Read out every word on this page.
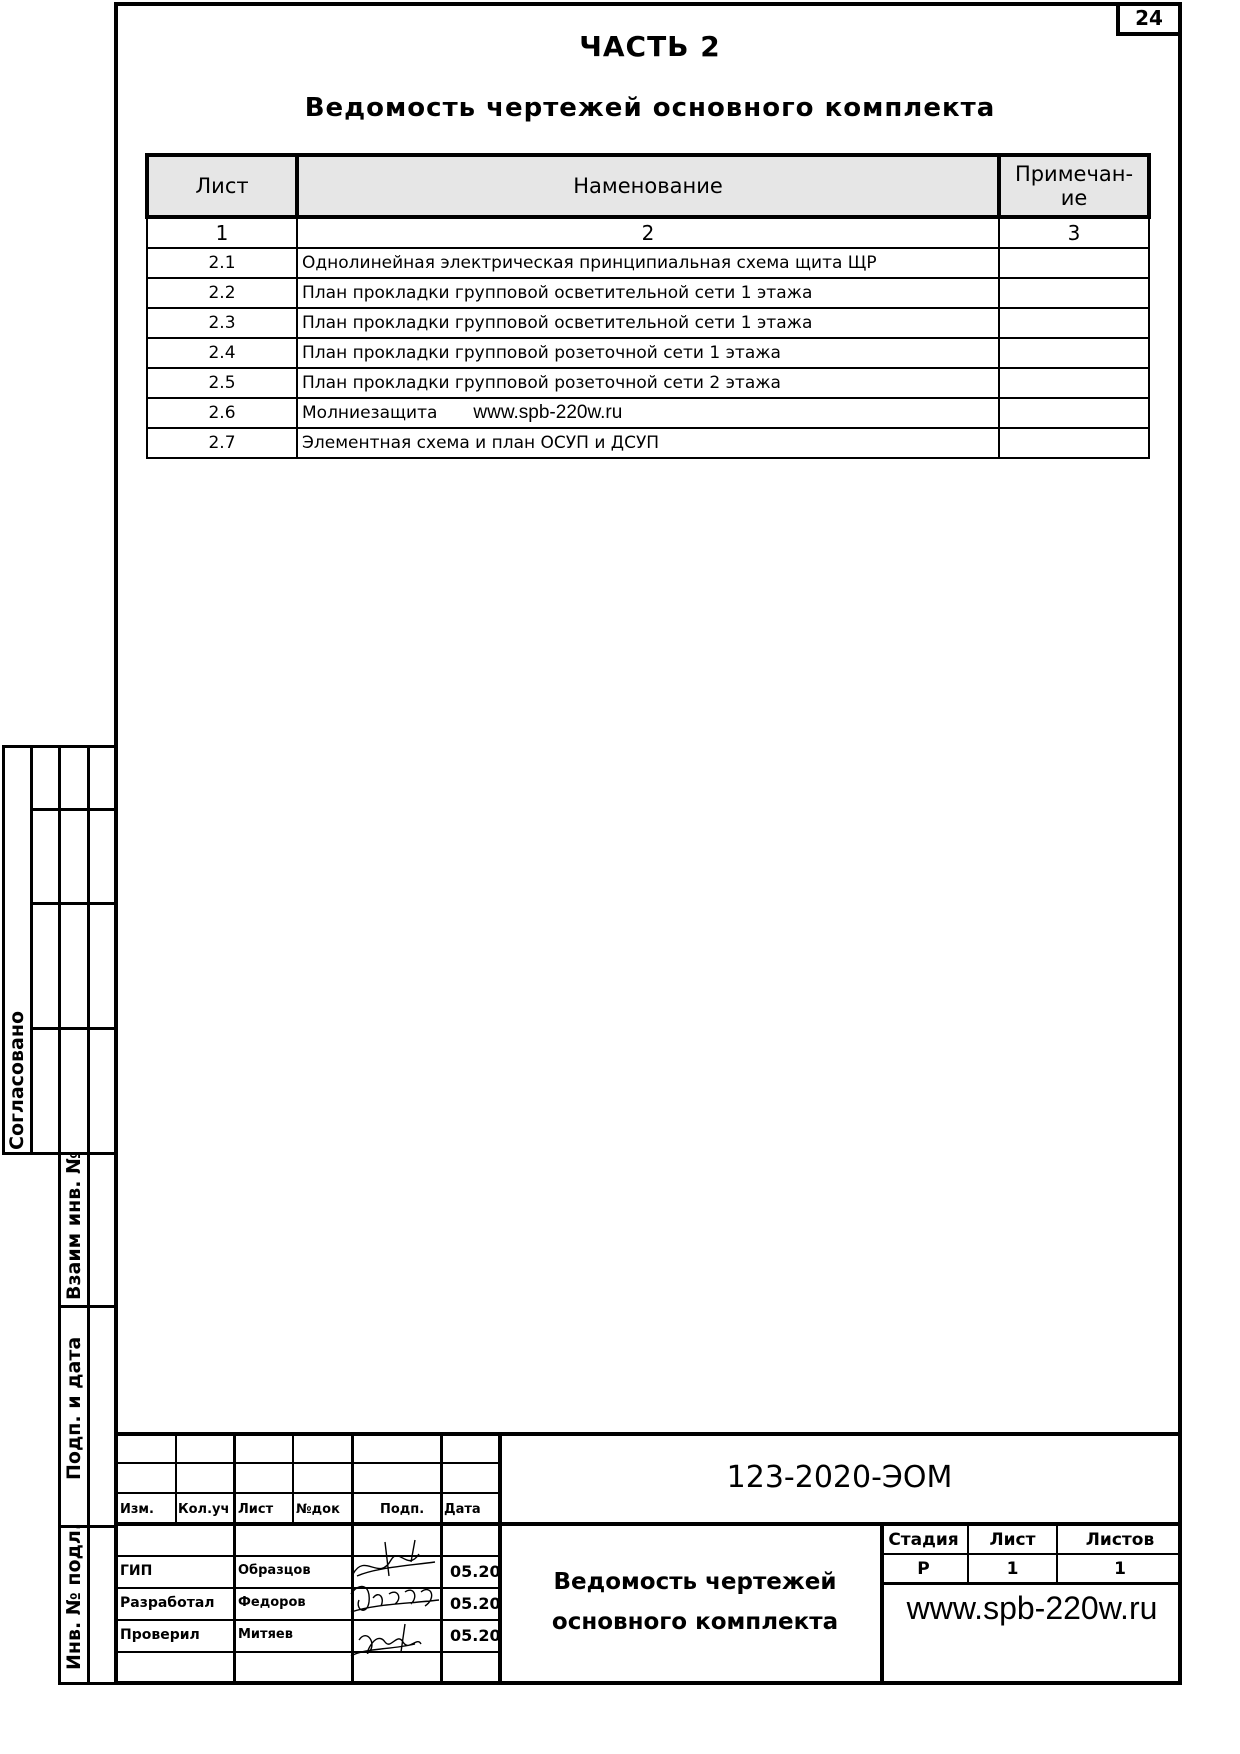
24
ЧАСТЬ 2
Ведомость чертежей основного комплекта
Лист	Наменование	Примечан-ие
1	2	3
2.1	Однолинейная электрическая принципиальная схема щита ЩР	
2.2	План прокладки групповой осветительной сети 1 этажа	
2.3	План прокладки групповой осветительной сети 1 этажа	
2.4	План прокладки групповой розеточной сети 1 этажа	
2.5	План прокладки групповой розеточной сети 2 этажа	
2.6	Молниезащита www.spb-220w.ru	
2.7	Элементная схема и план ОСУП и ДСУП	
Согласовано
Взаим инв. №
Подп. и дата
Инв. № подл.
Изм. Кол.уч Лист №док	Подп. Дата
123-2020-ЭОМ
ГИП	Образцов	05.20
Разработал Федоров	05.20
Проверил	Митяев	05.20
Ведомость чертежей
основного комплекта
Стадия	Лист	Листов
Р	1	1
www.spb-220w.ru
